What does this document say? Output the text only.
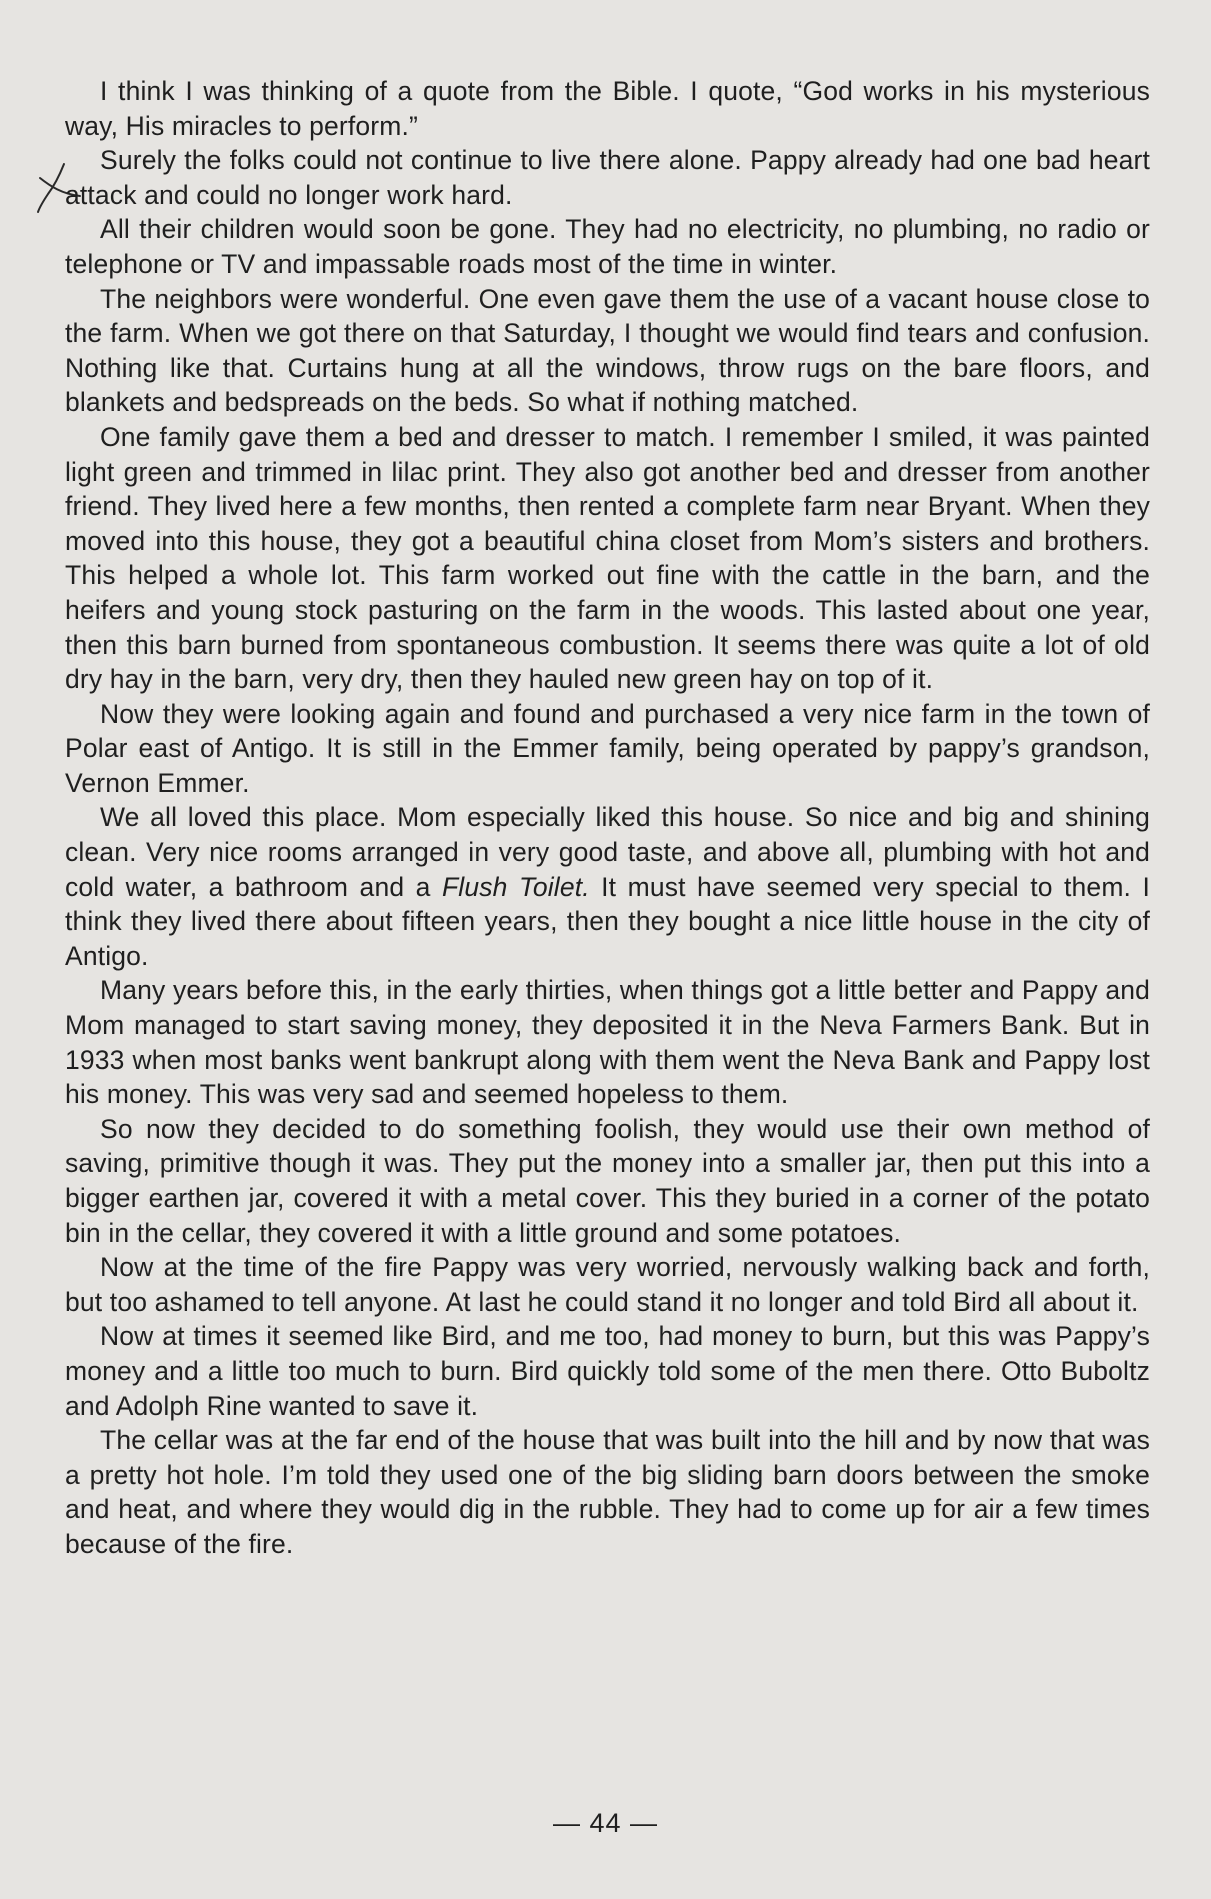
I think I was thinking of a quote from the Bible. I quote, “God works in his mysterious way, His miracles to perform.”

Surely the folks could not continue to live there alone. Pappy already had one bad heart attack and could no longer work hard.

All their children would soon be gone. They had no electricity, no plumbing, no radio or telephone or TV and impassable roads most of the time in winter.

The neighbors were wonderful. One even gave them the use of a vacant house close to the farm. When we got there on that Saturday, I thought we would find tears and confusion. Nothing like that. Curtains hung at all the windows, throw rugs on the bare floors, and blankets and bedspreads on the beds. So what if nothing matched.

One family gave them a bed and dresser to match. I remember I smiled, it was painted light green and trimmed in lilac print. They also got another bed and dresser from another friend. They lived here a few months, then rented a complete farm near Bryant. When they moved into this house, they got a beautiful china closet from Mom’s sisters and brothers. This helped a whole lot. This farm worked out fine with the cattle in the barn, and the heifers and young stock pasturing on the farm in the woods. This lasted about one year, then this barn burned from spontaneous combustion. It seems there was quite a lot of old dry hay in the barn, very dry, then they hauled new green hay on top of it.

Now they were looking again and found and purchased a very nice farm in the town of Polar east of Antigo. It is still in the Emmer family, being operated by pappy’s grandson, Vernon Emmer.

We all loved this place. Mom especially liked this house. So nice and big and shining clean. Very nice rooms arranged in very good taste, and above all, plumbing with hot and cold water, a bathroom and a Flush Toilet. It must have seemed very special to them. I think they lived there about fifteen years, then they bought a nice little house in the city of Antigo.

Many years before this, in the early thirties, when things got a little better and Pappy and Mom managed to start saving money, they deposited it in the Neva Farmers Bank. But in 1933 when most banks went bankrupt along with them went the Neva Bank and Pappy lost his money. This was very sad and seemed hopeless to them.

So now they decided to do something foolish, they would use their own method of saving, primitive though it was. They put the money into a smaller jar, then put this into a bigger earthen jar, covered it with a metal cover. This they buried in a corner of the potato bin in the cellar, they covered it with a little ground and some potatoes.

Now at the time of the fire Pappy was very worried, nervously walking back and forth, but too ashamed to tell anyone. At last he could stand it no longer and told Bird all about it.

Now at times it seemed like Bird, and me too, had money to burn, but this was Pappy’s money and a little too much to burn. Bird quickly told some of the men there. Otto Buboltz and Adolph Rine wanted to save it.

The cellar was at the far end of the house that was built into the hill and by now that was a pretty hot hole. I’m told they used one of the big sliding barn doors between the smoke and heat, and where they would dig in the rubble. They had to come up for air a few times because of the fire.

— 44 —
